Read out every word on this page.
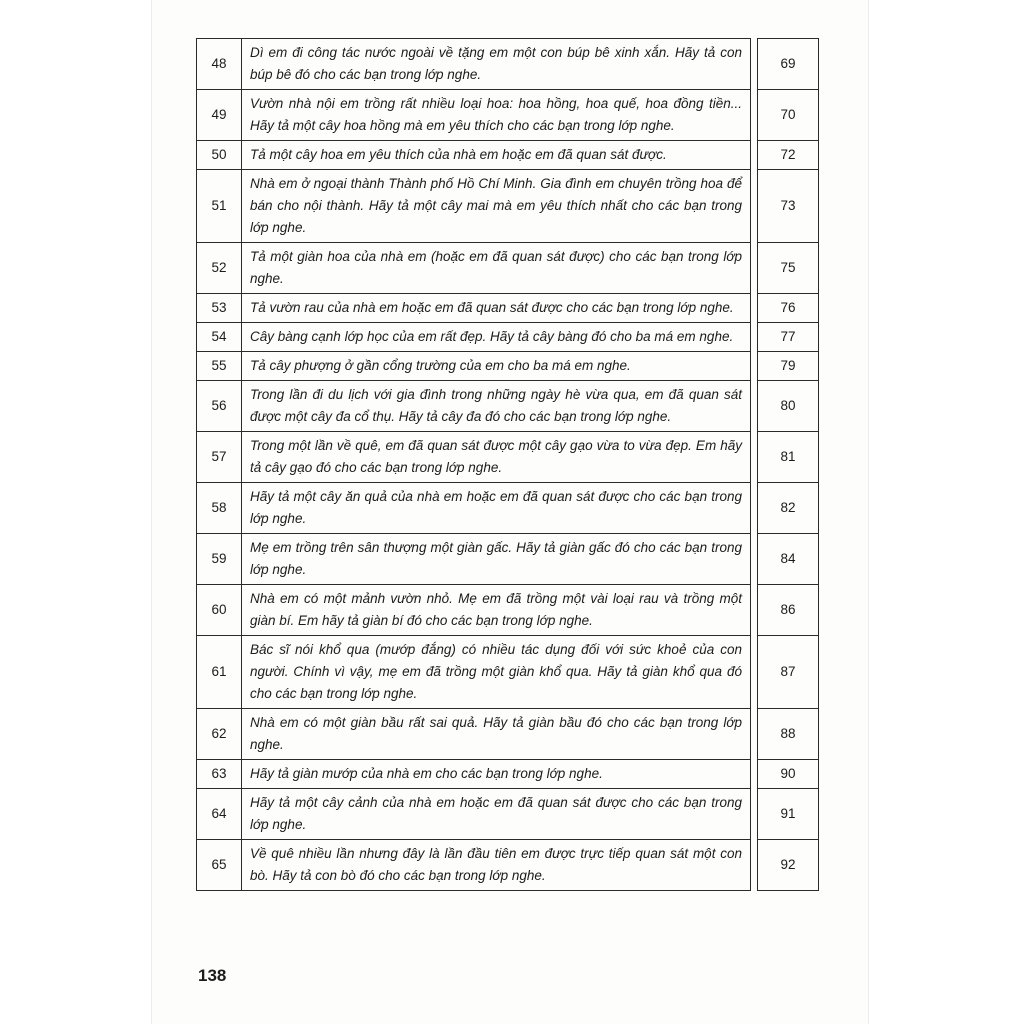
48	Dì em đi công tác nước ngoài về tặng em một con búp bê xinh xắn. Hãy tả con búp bê đó cho các bạn trong lớp nghe.		69
49	Vườn nhà nội em trồng rất nhiều loại hoa: hoa hồng, hoa quế, hoa đồng tiền... Hãy tả một cây hoa hồng mà em yêu thích cho các bạn trong lớp nghe.		70
50	Tả một cây hoa em yêu thích của nhà em hoặc em đã quan sát được.		72
51	Nhà em ở ngoại thành Thành phố Hồ Chí Minh. Gia đình em chuyên trồng hoa để bán cho nội thành. Hãy tả một cây mai mà em yêu thích nhất cho các bạn trong lớp nghe.		73
52	Tả một giàn hoa của nhà em (hoặc em đã quan sát được) cho các bạn trong lớp nghe.		75
53	Tả vườn rau của nhà em hoặc em đã quan sát được cho các bạn trong lớp nghe.		76
54	Cây bàng cạnh lớp học của em rất đẹp. Hãy tả cây bàng đó cho ba má em nghe.		77
55	Tả cây phượng ở gần cổng trường của em cho ba má em nghe.		79
56	Trong lần đi du lịch với gia đình trong những ngày hè vừa qua, em đã quan sát được một cây đa cổ thụ. Hãy tả cây đa đó cho các bạn trong lớp nghe.		80
57	Trong một lần về quê, em đã quan sát được một cây gạo vừa to vừa đẹp. Em hãy tả cây gạo đó cho các bạn trong lớp nghe.		81
58	Hãy tả một cây ăn quả của nhà em hoặc em đã quan sát được cho các bạn trong lớp nghe.		82
59	Mẹ em trồng trên sân thượng một giàn gấc. Hãy tả giàn gấc đó cho các bạn trong lớp nghe.		84
60	Nhà em có một mảnh vườn nhỏ. Mẹ em đã trồng một vài loại rau và trồng một giàn bí. Em hãy tả giàn bí đó cho các bạn trong lớp nghe.		86
61	Bác sĩ nói khổ qua (mướp đắng) có nhiều tác dụng đối với sức khoẻ của con người. Chính vì vậy, mẹ em đã trồng một giàn khổ qua. Hãy tả giàn khổ qua đó cho các bạn trong lớp nghe.		87
62	Nhà em có một giàn bầu rất sai quả. Hãy tả giàn bầu đó cho các bạn trong lớp nghe.		88
63	Hãy tả giàn mướp của nhà em cho các bạn trong lớp nghe.		90
64	Hãy tả một cây cảnh của nhà em hoặc em đã quan sát được cho các bạn trong lớp nghe.		91
65	Về quê nhiều lần nhưng đây là lần đầu tiên em được trực tiếp quan sát một con bò. Hãy tả con bò đó cho các bạn trong lớp nghe.		92
138
